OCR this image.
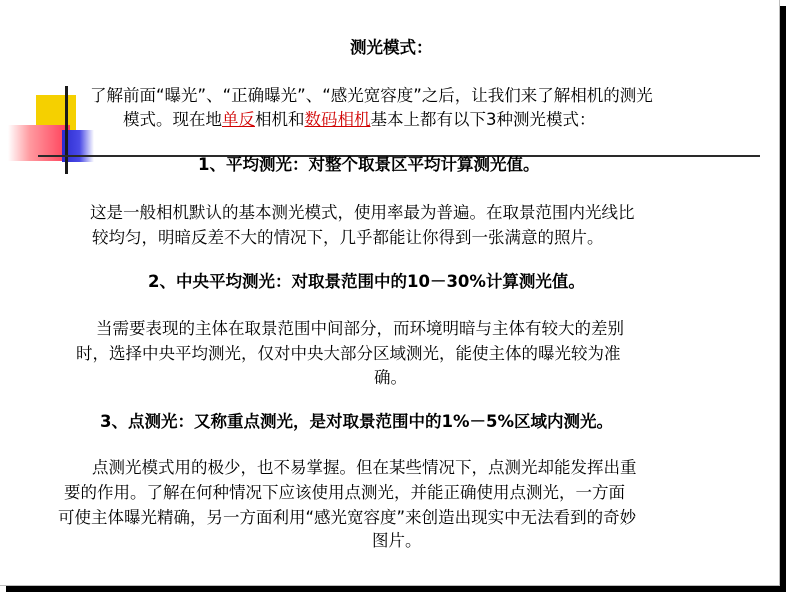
测光模式：
了解前面“曝光”、“正确曝光”、“感光宽容度”之后，让我们来了解相机的测光
模式。现在地单反相机和数码相机基本上都有以下3种测光模式：
1、平均测光：对整个取景区平均计算测光值。
这是一般相机默认的基本测光模式，使用率最为普遍。在取景范围内光线比
较均匀，明暗反差不大的情况下，几乎都能让你得到一张满意的照片。
2、中央平均测光：对取景范围中的10－30%计算测光值。
当需要表现的主体在取景范围中间部分，而环境明暗与主体有较大的差别
时，选择中央平均测光，仅对中央大部分区域测光，能使主体的曝光较为准
确。
3、点测光：又称重点测光，是对取景范围中的1%－5%区域内测光。
点测光模式用的极少，也不易掌握。但在某些情况下，点测光却能发挥出重
要的作用。了解在何种情况下应该使用点测光，并能正确使用点测光，一方面
可使主体曝光精确，另一方面利用“感光宽容度”来创造出现实中无法看到的奇妙
图片。
